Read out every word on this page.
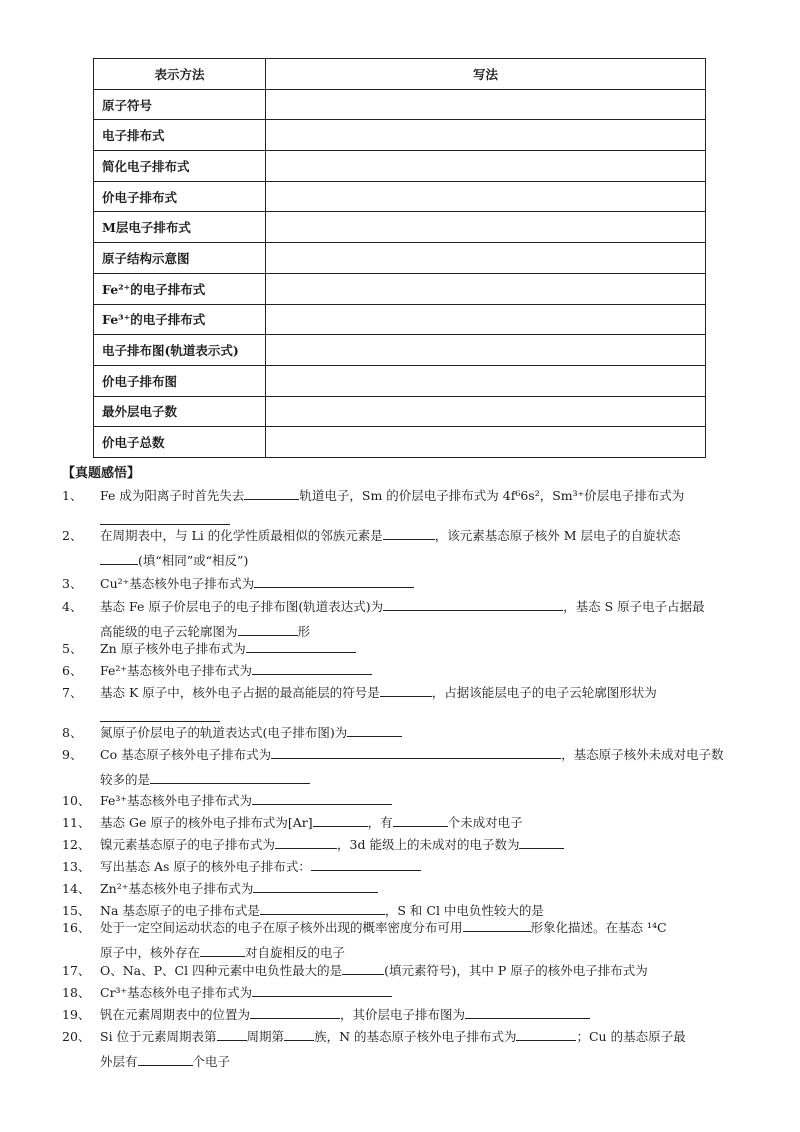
表示方法	写法
原子符号	
电子排布式	
简化电子排布式	
价电子排布式	
M层电子排布式	
原子结构示意图	
Fe²⁺的电子排布式	
Fe³⁺的电子排布式	
电子排布图(轨道表示式)	
价电子排布图	
最外层电子数	
价电子总数	
【真题感悟】
1、 Fe 成为阳离子时首先失去	轨道电子，Sm 的价层电子排布式为 4f⁶6s²，Sm³⁺价层电子排布式为
2、 在周期表中，与 Li 的化学性质最相似的邻族元素是	，该元素基态原子核外 M 层电子的自旋状态
(填“相同”或“相反”)
3、 Cu²⁺基态核外电子排布式为
4、 基态 Fe 原子价层电子的电子排布图(轨道表达式)为	，基态 S 原子电子占据最
高能级的电子云轮廓图为	形
5、 Zn 原子核外电子排布式为
6、 Fe²⁺基态核外电子排布式为
7、 基态 K 原子中，核外电子占据的最高能层的符号是	，占据该能层电子的电子云轮廓图形状为
8、 氮原子价层电子的轨道表达式(电子排布图)为
9、 Co 基态原子核外电子排布式为	，基态原子核外未成对电子数
较多的是
10、 Fe³⁺基态核外电子排布式为
11、 基态 Ge 原子的核外电子排布式为[Ar]	，有	个未成对电子
12、 镍元素基态原子的电子排布式为	，3d 能级上的未成对的电子数为
13、 写出基态 As 原子的核外电子排布式：
14、 Zn²⁺基态核外电子排布式为
15、 Na 基态原子的电子排布式是	，S 和 Cl 中电负性较大的是
16、 处于一定空间运动状态的电子在原子核外出现的概率密度分布可用	形象化描述。在基态 ¹⁴C
原子中，核外存在	对自旋相反的电子
17、 O、Na、P、Cl 四种元素中电负性最大的是	(填元素符号)，其中 P 原子的核外电子排布式为
18、 Cr³⁺基态核外电子排布式为
19、 钒在元素周期表中的位置为	，其价层电子排布图为
20、 Si 位于元素周期表第 周期第 族，N 的基态原子核外电子排布式为	；Cu 的基态原子最
外层有	个电子
